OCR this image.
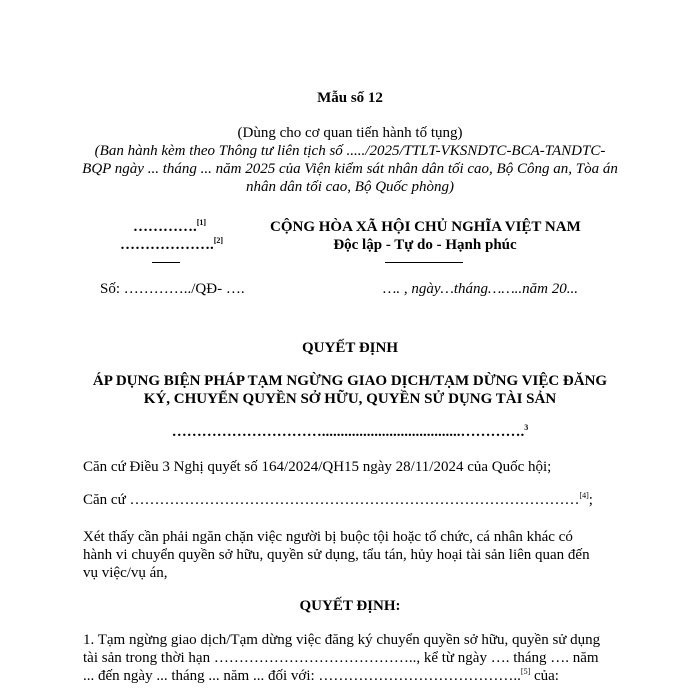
Mẫu số 12
(Dùng cho cơ quan tiến hành tố tụng)
(Ban hành kèm theo Thông tư liên tịch số ...../2025/TTLT-VKSNDTC-BCA-TANDTC-
BQP ngày ... tháng ... năm 2025 của Viện kiểm sát nhân dân tối cao, Bộ Công an, Tòa án
nhân dân tối cao, Bộ Quốc phòng)
………….[1]
……………….[2]
CỘNG HÒA XÃ HỘI CHỦ NGHĨA VIỆT NAM
Độc lập - Tự do - Hạnh phúc
Số: …………../QĐ- ….	…. , ngày…tháng……..năm 20...
QUYẾT ĐỊNH
ÁP DỤNG BIỆN PHÁP TẠM NGỪNG GIAO DỊCH/TẠM DỪNG VIỆC ĐĂNG
KÝ, CHUYỂN QUYỀN SỞ HỮU, QUYỀN SỬ DỤNG TÀI SẢN
………………………….....................................………….$^3$
Căn cứ Điều 3 Nghị quyết số 164/2024/QH15 ngày 28/11/2024 của Quốc hội;
Căn cứ ………………………………………………………………………………[4];
Xét thấy cần phải ngăn chặn việc người bị buộc tội hoặc tổ chức, cá nhân khác có hành vi chuyển quyền sở hữu, quyền sử dụng, tẩu tán, hủy hoại tài sản liên quan đến vụ việc/vụ án,
QUYẾT ĐỊNH:
1. Tạm ngừng giao dịch/Tạm dừng việc đăng ký chuyển quyền sở hữu, quyền sử dụng tài sản trong thời hạn ………………………………….., kể từ ngày …. tháng …. năm ... đến ngày ... tháng ... năm ... đối với: …………………………………..[5] của:
